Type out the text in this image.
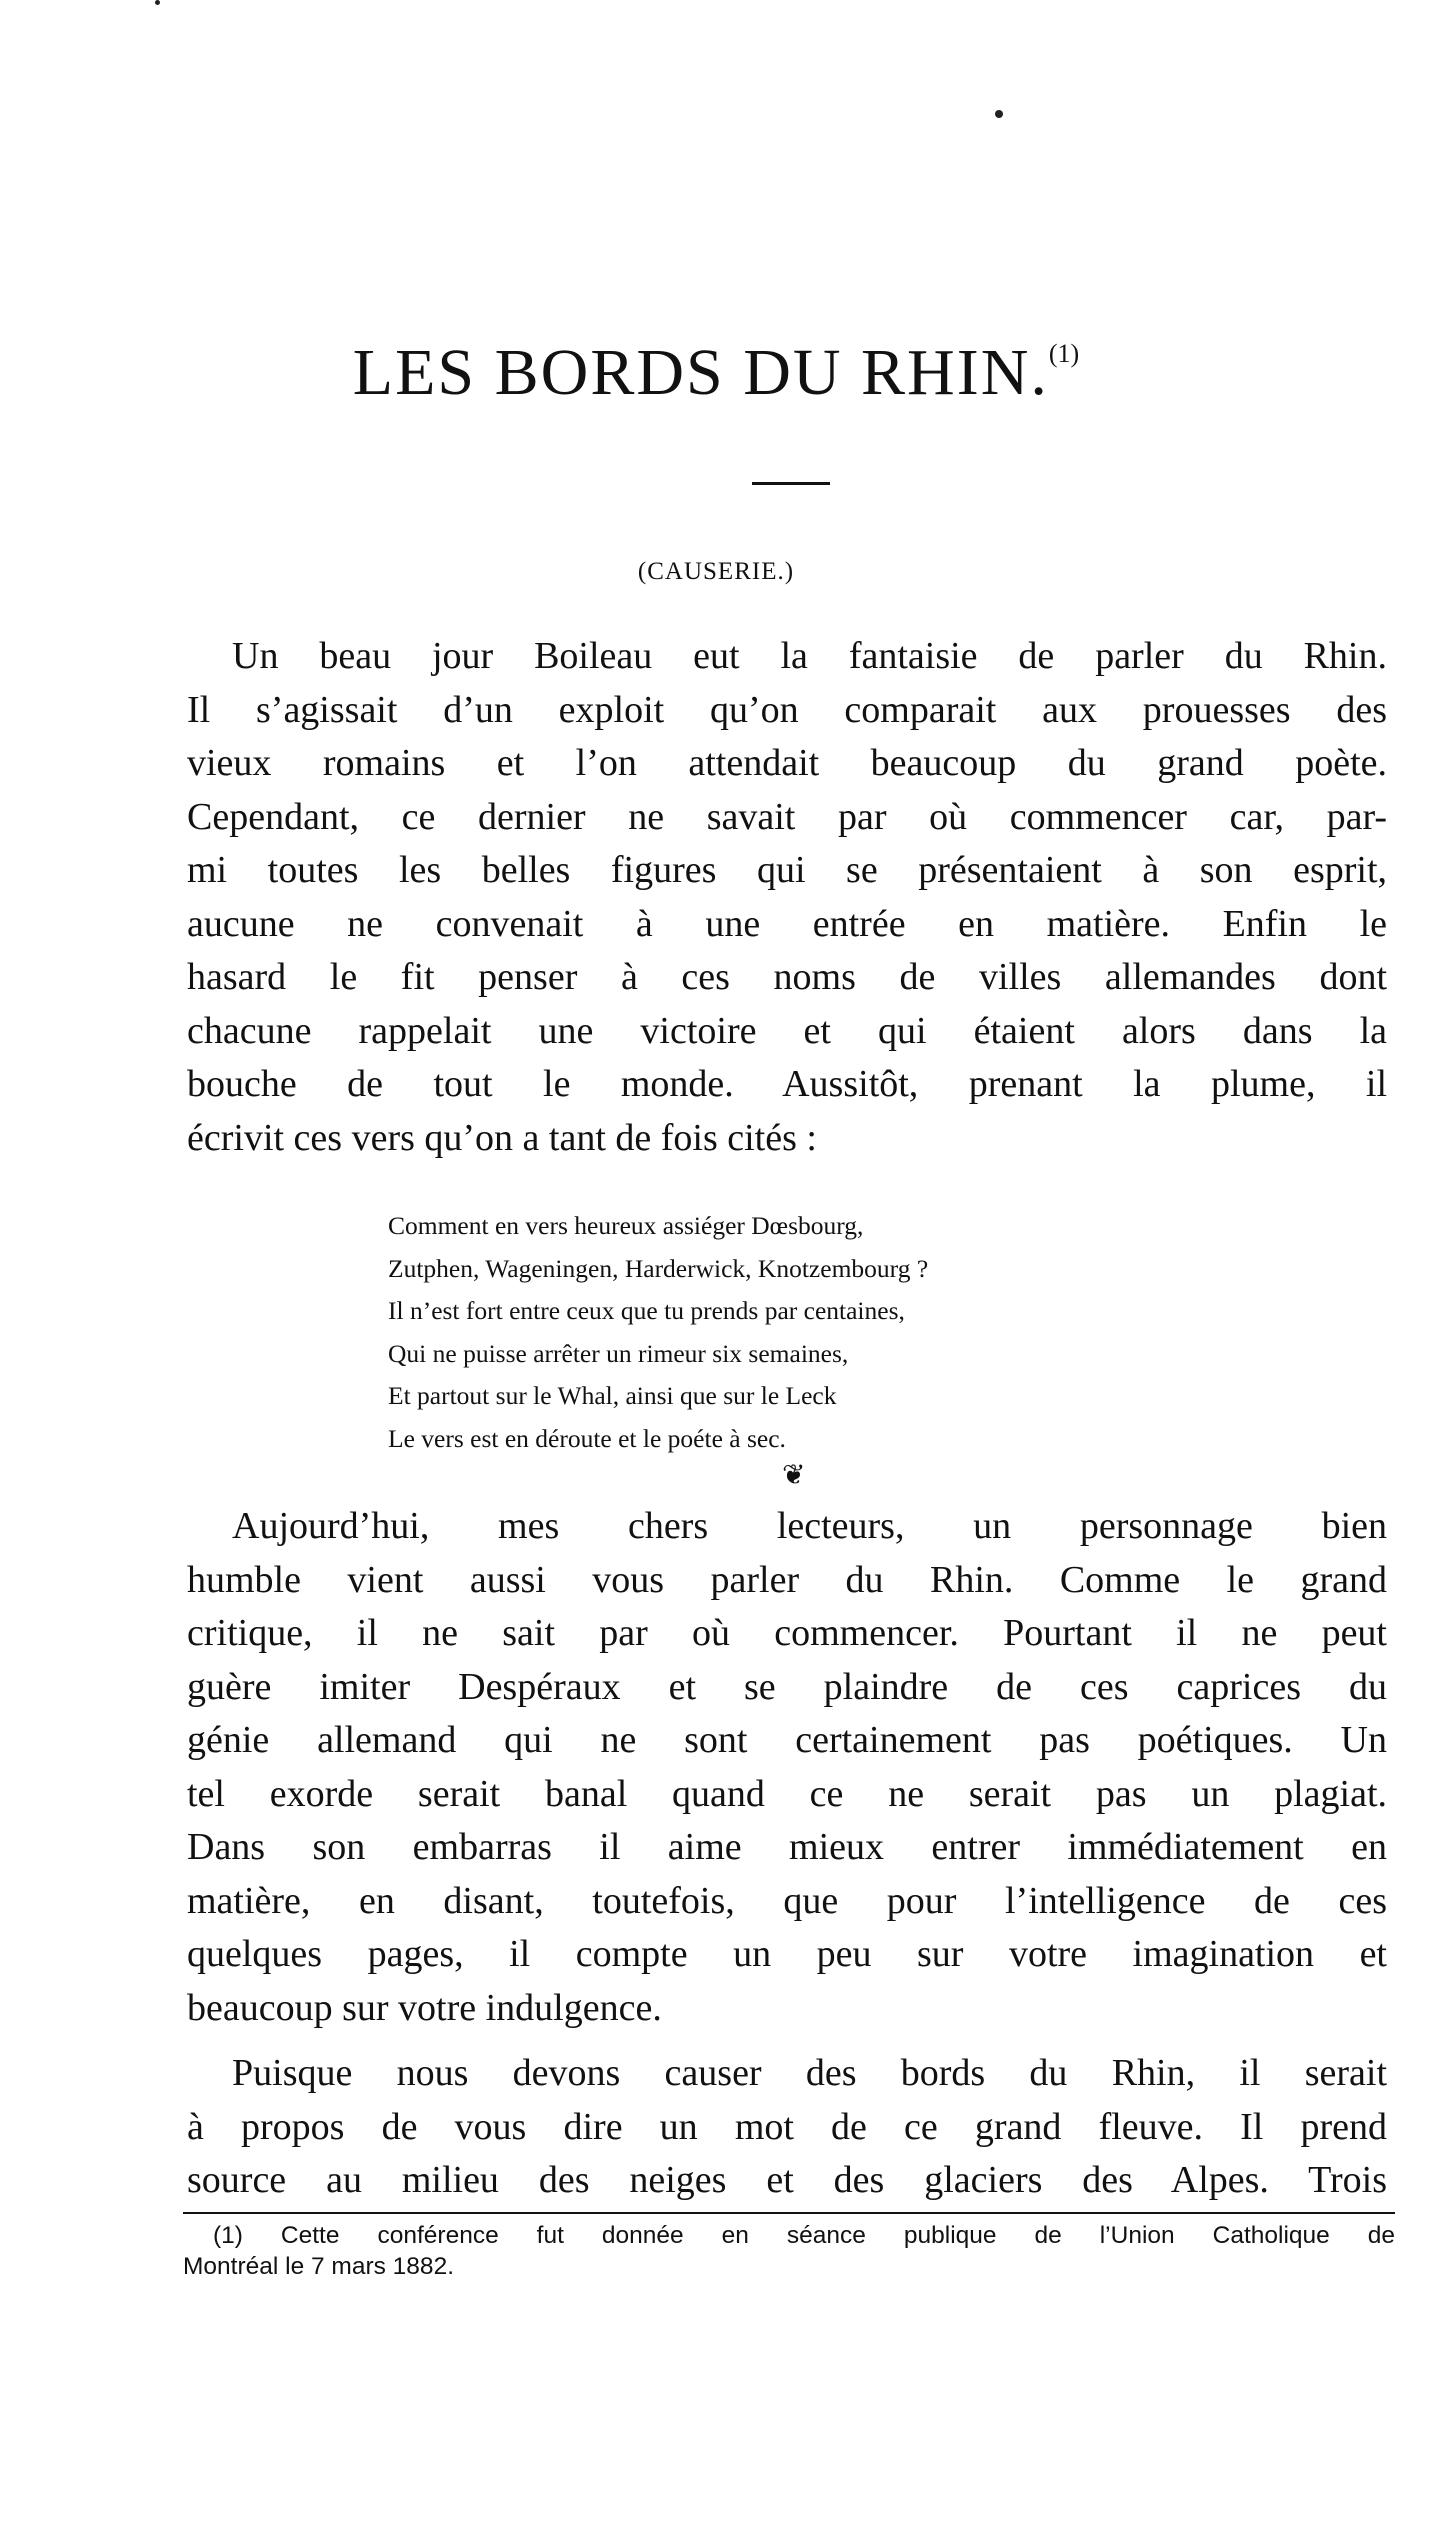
LES BORDS DU RHIN.$^{(1)}$

(CAUSERIE.)

Un beau jour Boileau eut la fantaisie de parler du Rhin.
Il s’agissait d’un exploit qu’on comparait aux prouesses des
vieux romains et l’on attendait beaucoup du grand poète.
Cependant, ce dernier ne savait par où commencer car, par-
mi toutes les belles figures qui se présentaient à son esprit,
aucune ne convenait à une entrée en matière. Enfin le
hasard le fit penser à ces noms de villes allemandes dont
chacune rappelait une victoire et qui étaient alors dans la
bouche de tout le monde. Aussitôt, prenant la plume, il
écrivit ces vers qu’on a tant de fois cités :

Comment en vers heureux assiéger Dœsbourg,
Zutphen, Wageningen, Harderwick, Knotzembourg ?
Il n’est fort entre ceux que tu prends par centaines,
Qui ne puisse arrêter un rimeur six semaines,
Et partout sur le Whal, ainsi que sur le Leck
Le vers est en déroute et le poéte à sec.
❦

Aujourd’hui, mes chers lecteurs, un personnage bien
humble vient aussi vous parler du Rhin. Comme le grand
critique, il ne sait par où commencer. Pourtant il ne peut
guère imiter Despéraux et se plaindre de ces caprices du
génie allemand qui ne sont certainement pas poétiques. Un
tel exorde serait banal quand ce ne serait pas un plagiat.
Dans son embarras il aime mieux entrer immédiatement en
matière, en disant, toutefois, que pour l’intelligence de ces
quelques pages, il compte un peu sur votre imagination et
beaucoup sur votre indulgence.

Puisque nous devons causer des bords du Rhin, il serait
à propos de vous dire un mot de ce grand fleuve. Il prend
source au milieu des neiges et des glaciers des Alpes. Trois

(1) Cette conférence fut donnée en séance publique de l’Union Catholique de
Montréal le 7 mars 1882.
